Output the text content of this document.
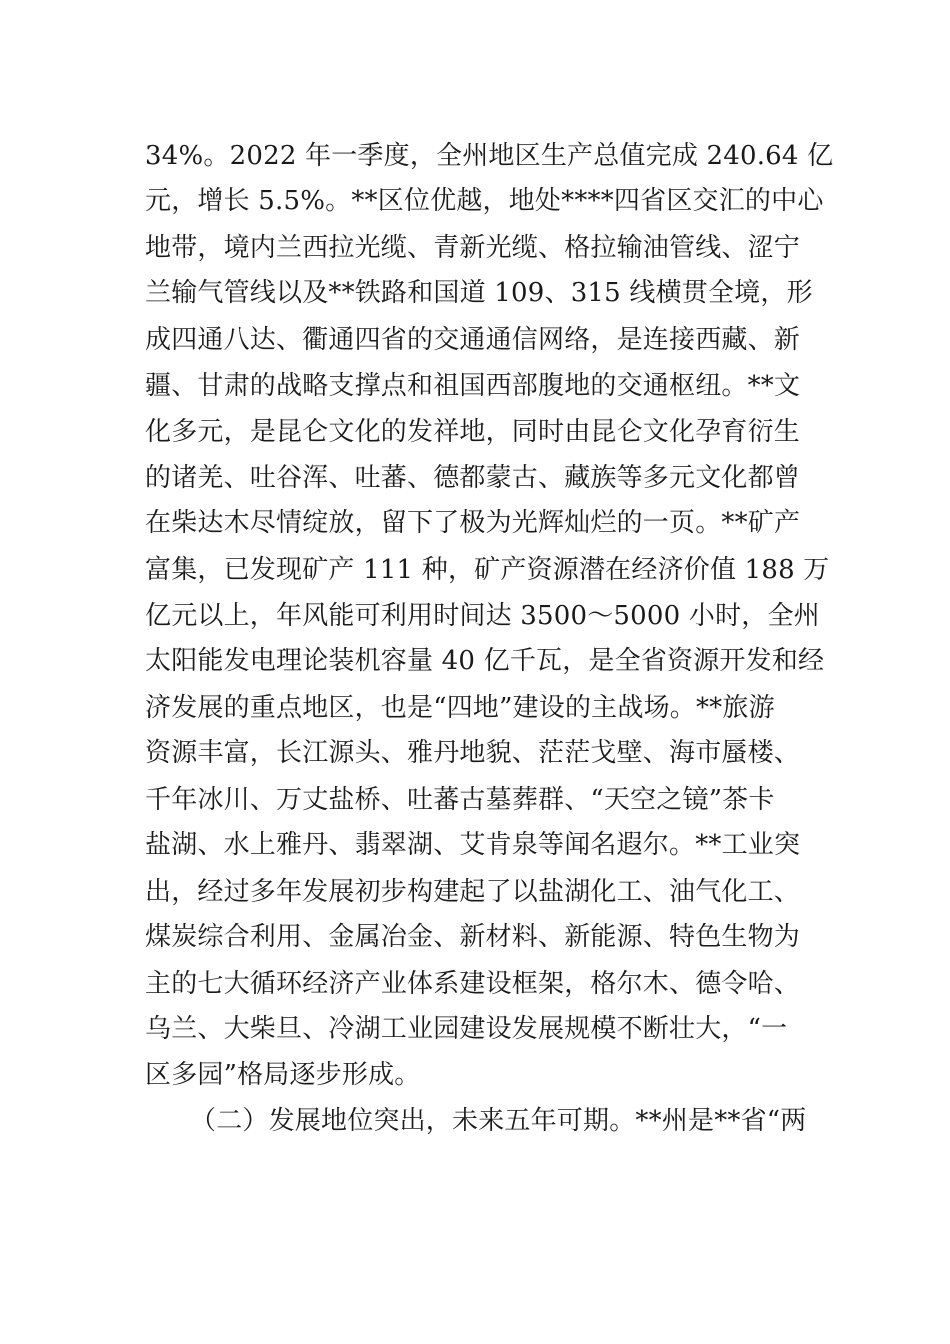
34%。2022 年一季度，全州地区生产总值完成 240.64 亿
元，增长 5.5%。**区位优越，地处****四省区交汇的中心
地带，境内兰西拉光缆、青新光缆、格拉输油管线、涩宁
兰输气管线以及**铁路和国道 109、315 线横贯全境，形
成四通八达、衢通四省的交通通信网络，是连接西藏、新
疆、甘肃的战略支撑点和祖国西部腹地的交通枢纽。**文
化多元，是昆仑文化的发祥地，同时由昆仑文化孕育衍生
的诸羌、吐谷浑、吐蕃、德都蒙古、藏族等多元文化都曾
在柴达木尽情绽放，留下了极为光辉灿烂的一页。**矿产
富集，已发现矿产 111 种，矿产资源潜在经济价值 188 万
亿元以上，年风能可利用时间达 3500～5000 小时，全州
太阳能发电理论装机容量 40 亿千瓦，是全省资源开发和经
济发展的重点地区，也是“四地”建设的主战场。**旅游
资源丰富，长江源头、雅丹地貌、茫茫戈壁、海市蜃楼、
千年冰川、万丈盐桥、吐蕃古墓葬群、“天空之镜”茶卡
盐湖、水上雅丹、翡翠湖、艾肯泉等闻名遐尔。**工业突
出，经过多年发展初步构建起了以盐湖化工、油气化工、
煤炭综合利用、金属冶金、新材料、新能源、特色生物为
主的七大循环经济产业体系建设框架，格尔木、德令哈、
乌兰、大柴旦、冷湖工业园建设发展规模不断壮大，“一
区多园”格局逐步形成。
（二）发展地位突出，未来五年可期。**州是**省“两
